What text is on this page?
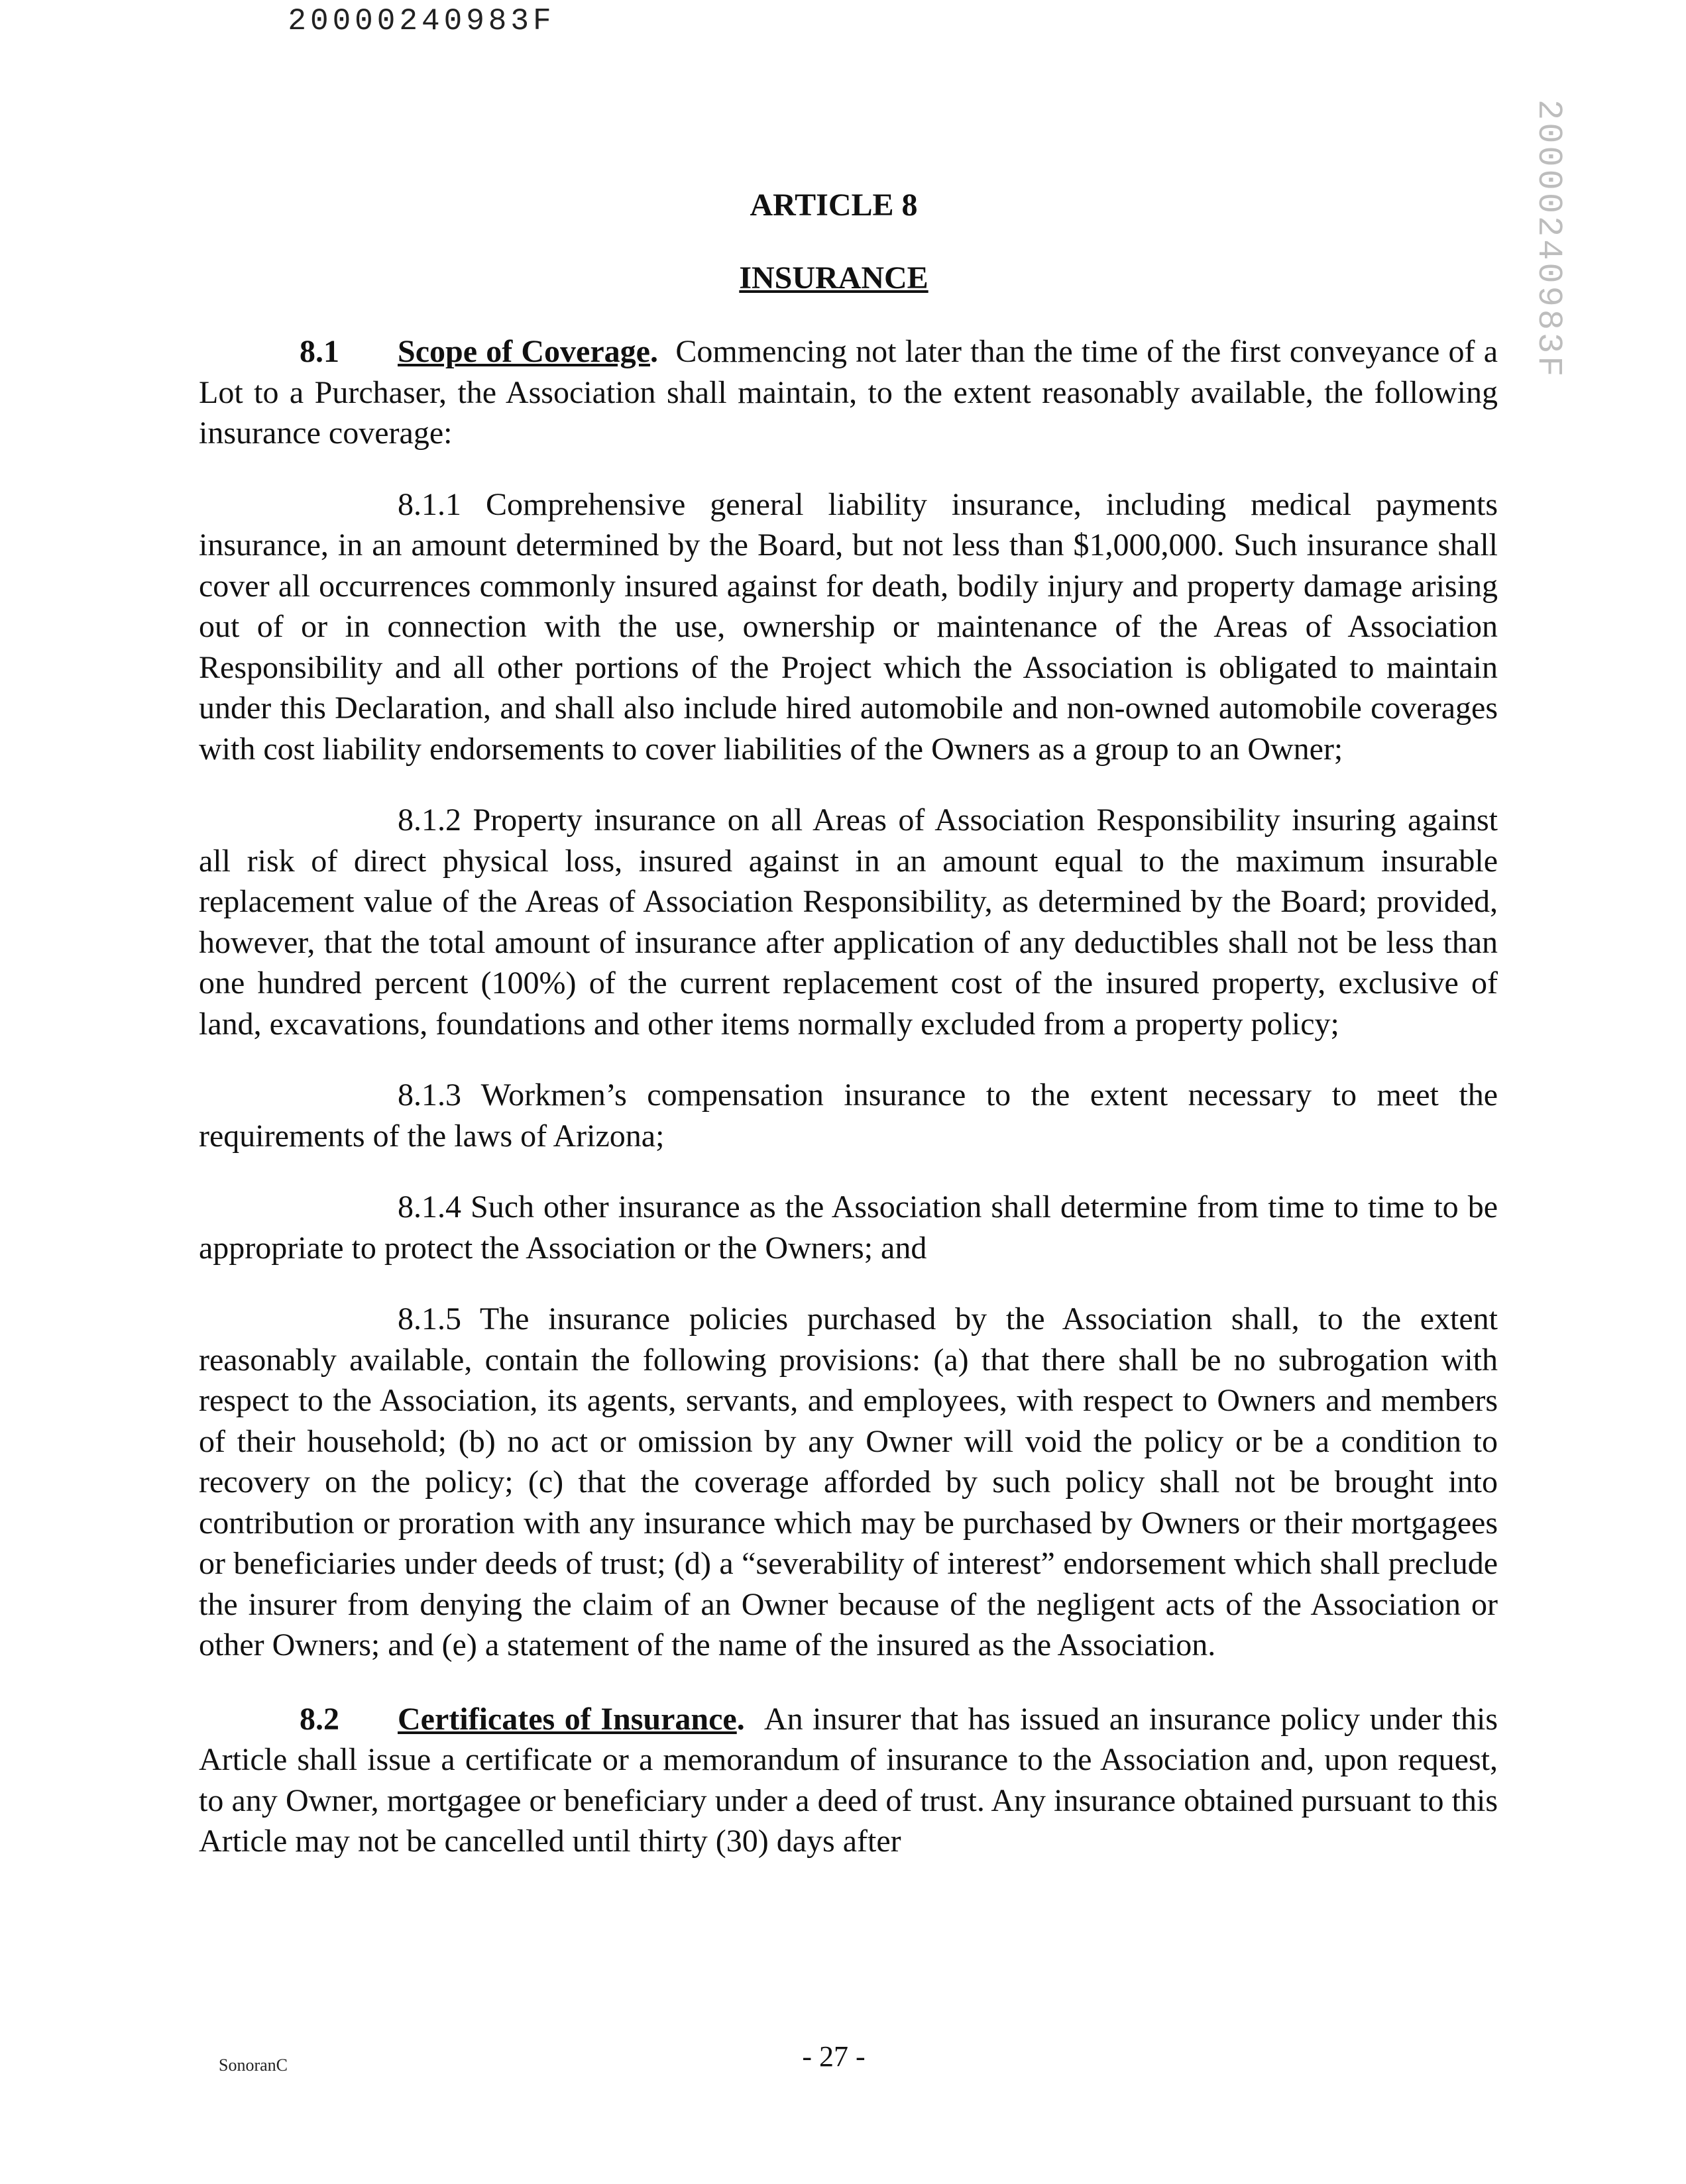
20000240983F
20000240983F
ARTICLE 8
INSURANCE

8.1 Scope of Coverage. Commencing not later than the time of the first conveyance of a Lot to a Purchaser, the Association shall maintain, to the extent reasonably available, the following insurance coverage:

8.1.1 Comprehensive general liability insurance, including medical payments insurance, in an amount determined by the Board, but not less than $1,000,000. Such insurance shall cover all occurrences commonly insured against for death, bodily injury and property damage arising out of or in connection with the use, ownership or maintenance of the Areas of Association Responsibility and all other portions of the Project which the Association is obligated to maintain under this Declaration, and shall also include hired automobile and non-owned automobile coverages with cost liability endorsements to cover liabilities of the Owners as a group to an Owner;

8.1.2 Property insurance on all Areas of Association Responsibility insuring against all risk of direct physical loss, insured against in an amount equal to the maximum insurable replacement value of the Areas of Association Responsibility, as determined by the Board; provided, however, that the total amount of insurance after application of any deductibles shall not be less than one hundred percent (100%) of the current replacement cost of the insured property, exclusive of land, excavations, foundations and other items normally excluded from a property policy;

8.1.3 Workmen’s compensation insurance to the extent necessary to meet the requirements of the laws of Arizona;

8.1.4 Such other insurance as the Association shall determine from time to time to be appropriate to protect the Association or the Owners; and

8.1.5 The insurance policies purchased by the Association shall, to the extent reasonably available, contain the following provisions: (a) that there shall be no subrogation with respect to the Association, its agents, servants, and employees, with respect to Owners and members of their household; (b) no act or omission by any Owner will void the policy or be a condition to recovery on the policy; (c) that the coverage afforded by such policy shall not be brought into contribution or proration with any insurance which may be purchased by Owners or their mortgagees or beneficiaries under deeds of trust; (d) a “severability of interest” endorsement which shall preclude the insurer from denying the claim of an Owner because of the negligent acts of the Association or other Owners; and (e) a statement of the name of the insured as the Association.

8.2 Certificates of Insurance. An insurer that has issued an insurance policy under this Article shall issue a certificate or a memorandum of insurance to the Association and, upon request, to any Owner, mortgagee or beneficiary under a deed of trust. Any insurance obtained pursuant to this Article may not be cancelled until thirty (30) days after

SonoranC	- 27 -
